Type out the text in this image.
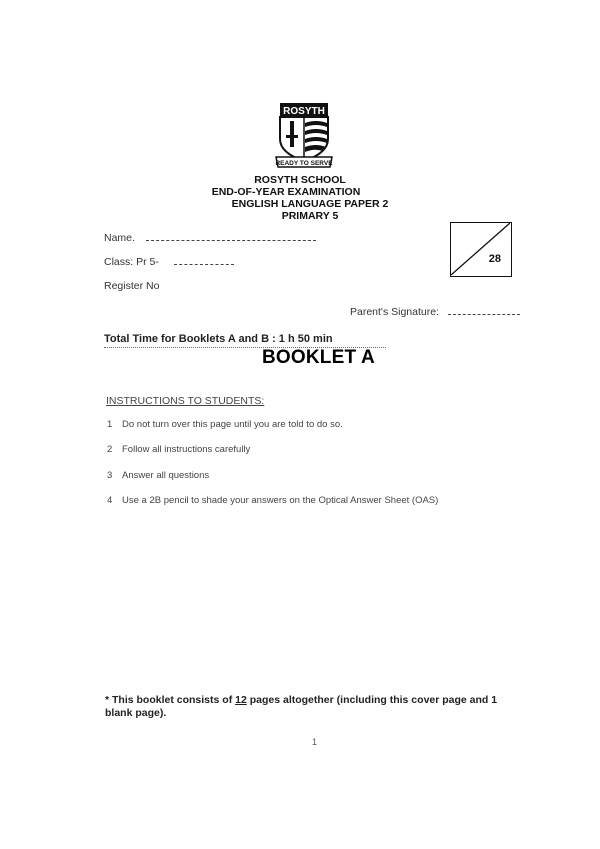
ROSYTH
READY TO SERVE
ROSYTH SCHOOL
END-OF-YEAR EXAMINATION
ENGLISH LANGUAGE PAPER 2
PRIMARY 5
Name.
Class: Pr 5-
Register No
Parent's Signature:
28
Total Time for Booklets A and B : 1 h 50 min
BOOKLET A
INSTRUCTIONS TO STUDENTS:
1 Do not turn over this page until you are told to do so.
2 Follow all instructions carefully
3 Answer all questions
4 Use a 2B pencil to shade your answers on the Optical Answer Sheet (OAS)
* This booklet consists of 12 pages altogether (including this cover page and 1 blank page).
1
